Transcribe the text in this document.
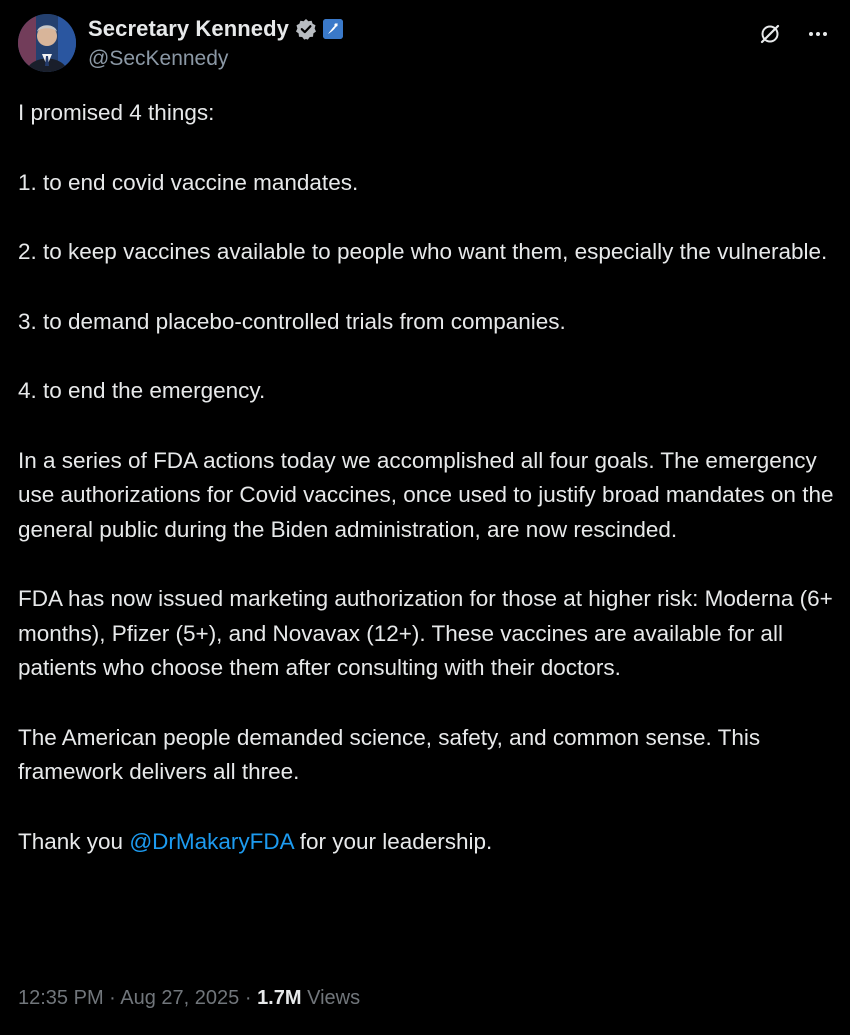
Secretary Kennedy
@SecKennedy

I promised 4 things:

1. to end covid vaccine mandates.

2. to keep vaccines available to people who want them, especially the vulnerable.

3. to demand placebo-controlled trials from companies.

4. to end the emergency.

In a series of FDA actions today we accomplished all four goals. The emergency use authorizations for Covid vaccines, once used to justify broad mandates on the general public during the Biden administration, are now rescinded.

FDA has now issued marketing authorization for those at higher risk: Moderna (6+ months), Pfizer (5+), and Novavax (12+). These vaccines are available for all patients who choose them after consulting with their doctors.

The American people demanded science, safety, and common sense. This framework delivers all three.

Thank you @DrMakaryFDA for your leadership.

12:35 PM · Aug 27, 2025 · 1.7M Views
